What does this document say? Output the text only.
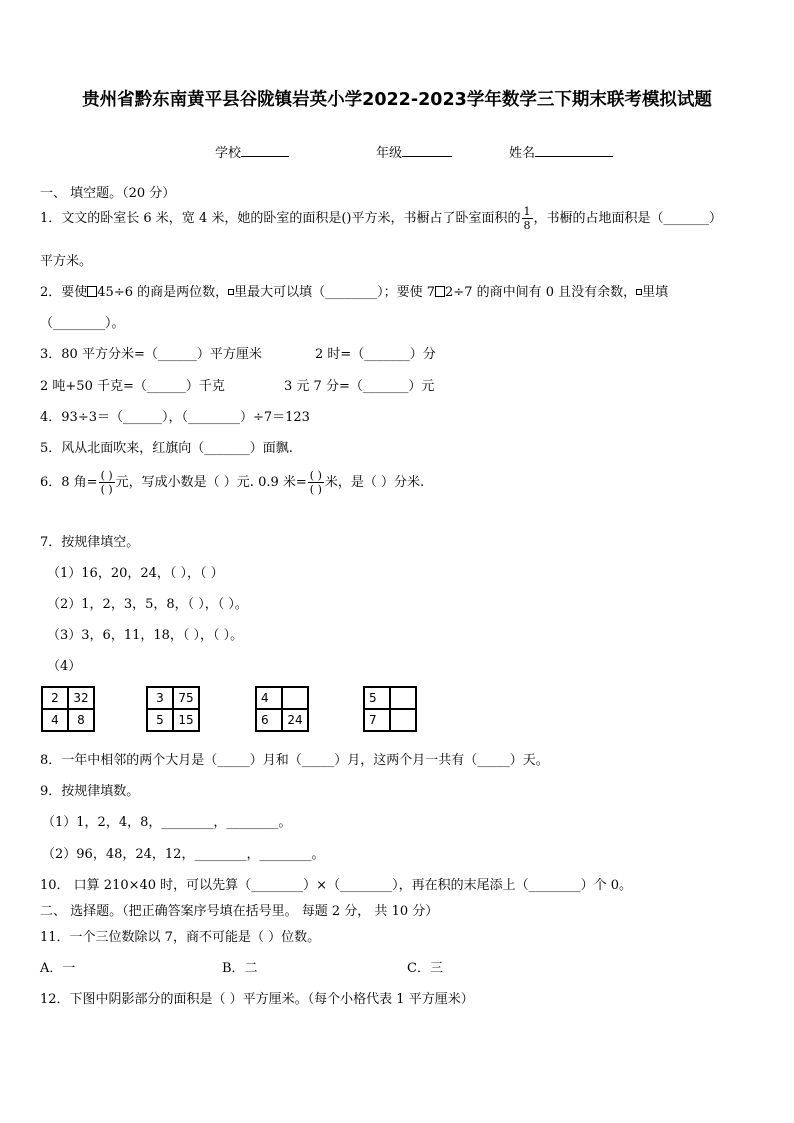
贵州省黔东南黄平县谷陇镇岩英小学2022-2023学年数学三下期末联考模拟试题
学校	年级	姓名
一、 填空题。（20 分）
1．文文的卧室长 6 米，宽 4 米，她的卧室的面积是()平方米，书橱占了卧室面积的 $\frac{1}{8}$ ，书橱的占地面积是（_______）
平方米。
2．要使 45÷6 的商是两位数， 里最大可以填（________）；要使 7 2÷7 的商中间有 0 且没有余数， 里填
（________）。
3．80 平方分米=（______）平方厘米	2 时=（_______）分
2 吨+50 千克=（______）千克	3 元 7 分=（_______）元
4．93÷3＝（______），（________）÷7＝123
5．风从北面吹来，红旗向（_______）面飘.
6．8 角= $\frac{( )}{( )}$ 元，写成小数是（ ）元. 0.9 米= $\frac{( )}{( )}$ 米，是（ ）分米.
7．按规律填空。
（1）16，20，24，（ ），（ ）
（2）1，2，3，5，8，（ ），（ ）。
（3）3，6，11，18，（ ），（ ）。
（4）
2	32
4	8
3	75
5	15
4
6	24
5
7
8．一年中相邻的两个大月是（_____）月和（_____）月，这两个月一共有（_____）天。
9．按规律填数。
（1）1，2，4，8，________，________。
（2）96，48，24，12，________，________。
10． 口算 210×40 时，可以先算（________）×（________），再在积的末尾添上（________）个 0。
二、 选择题。（把正确答案序号填在括号里。 每题 2 分， 共 10 分）
11．一个三位数除以 7，商不可能是（ ）位数。
A．一	B．二	C．三
12．下图中阴影部分的面积是（ ）平方厘米。（每个小格代表 1 平方厘米）
